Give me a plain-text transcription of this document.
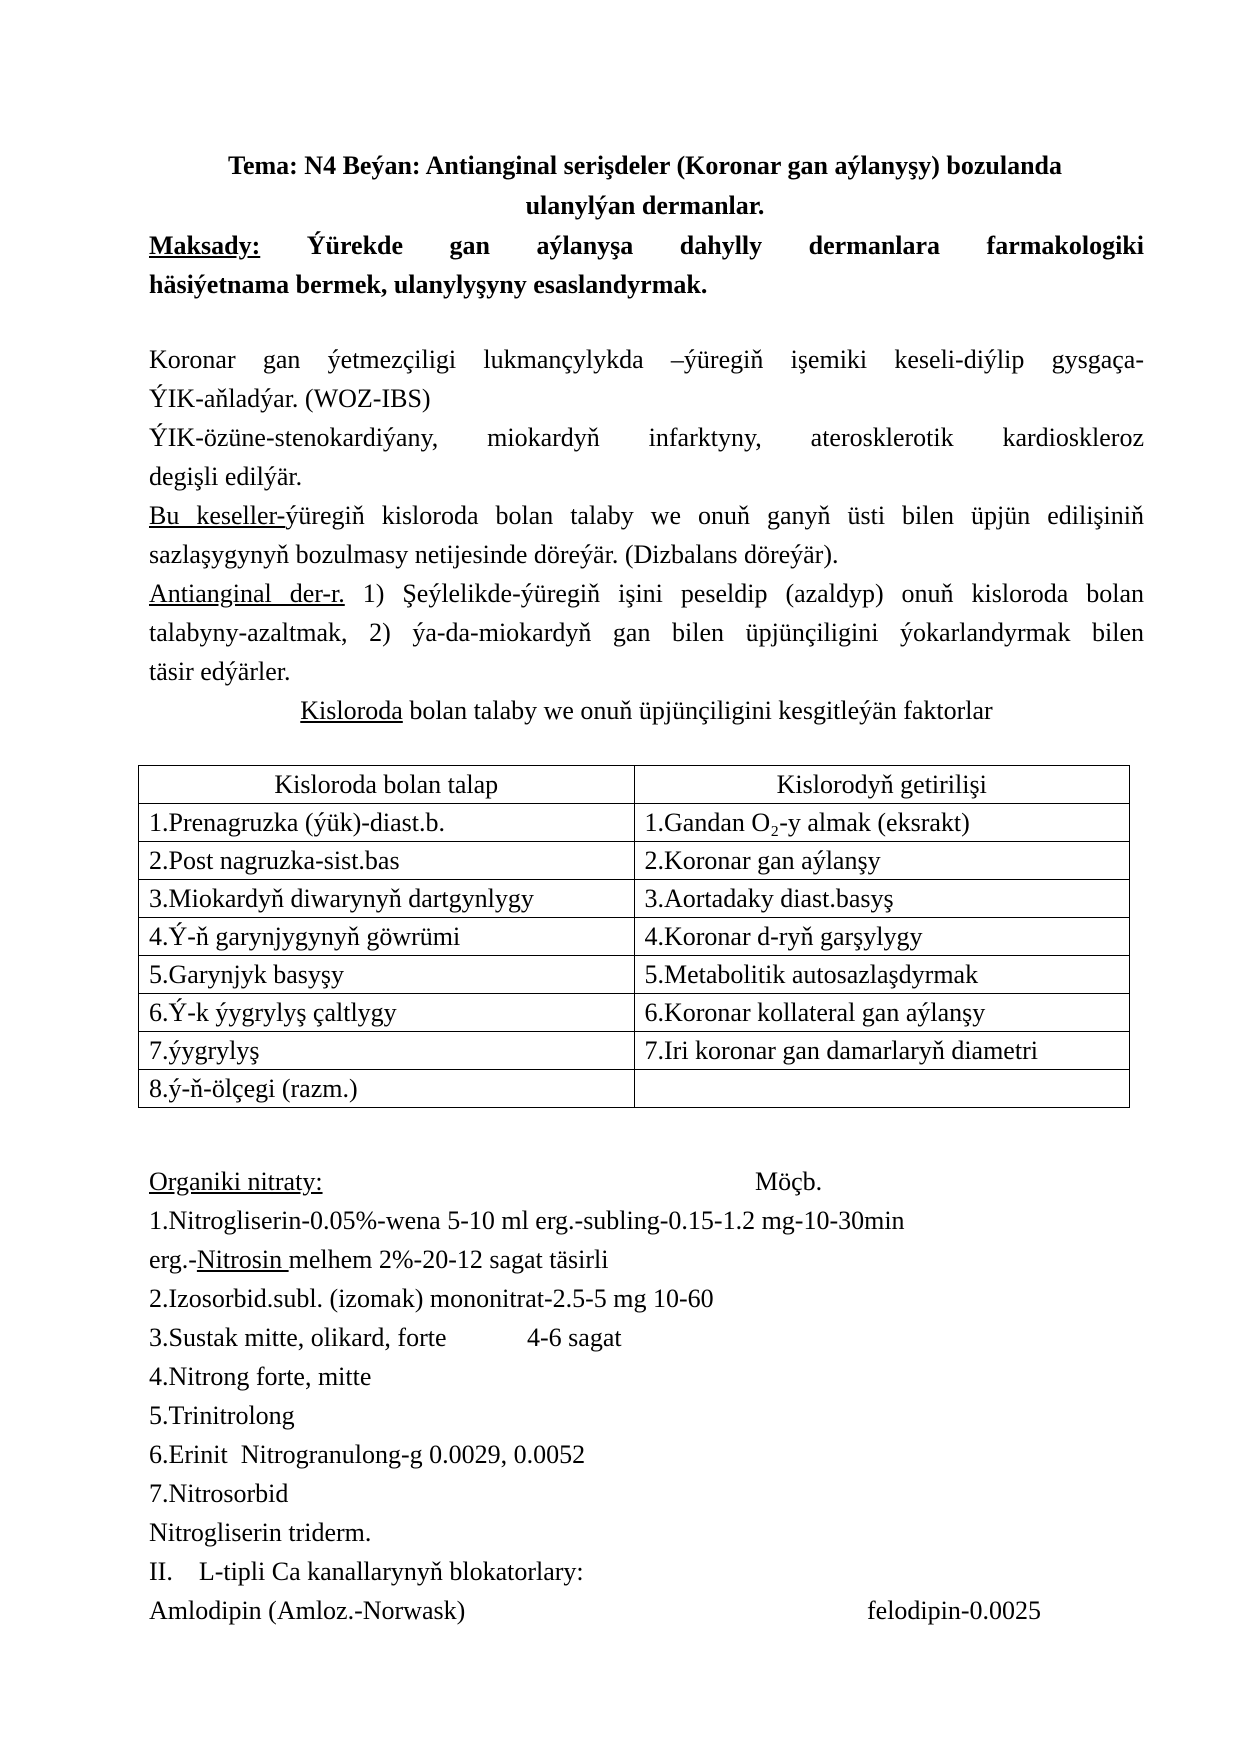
Tema: N4 Beýan: Antianginal serişdeler (Koronar gan aýlanyşy) bozulanda
ulanylýan dermanlar.
Maksady: Ýürekde gan aýlanyşa dahylly dermanlara farmakologiki
häsiýetnama bermek, ulanylyşyny esaslandyrmak.
Koronar gan ýetmezçiligi lukmançylykda –ýüregiň işemiki keseli-diýlip gysgaça-
ÝIK-aňladýar. (WOZ-IBS)
ÝIK-özüne-stenokardiýany, miokardyň infarktyny, aterosklerotik kardioskleroz
degişli edilýär.
Bu keseller-ýüregiň kisloroda bolan talaby we onuň ganyň üsti bilen üpjün edilişiniň
sazlaşygynyň bozulmasy netijesinde döreýär. (Dizbalans döreýär).
Antianginal der-r. 1) Şeýlelikde-ýüregiň işini peseldip (azaldyp) onuň kisloroda bolan
talabyny-azaltmak, 2) ýa-da-miokardyň gan bilen üpjünçiligini ýokarlandyrmak bilen
täsir edýärler.
Kisloroda bolan talaby we onuň üpjünçiligini kesgitleýän faktorlar
Kisloroda bolan talap	Kislorodyň getirilişi
1.Prenagruzka (ýük)-diast.b.	1.Gandan O₂-y almak (eksrakt)
2.Post nagruzka-sist.bas	2.Koronar gan aýlanşy
3.Miokardyň diwarynyň dartgynlygy	3.Aortadaky diast.basyş
4.Ý-ň garynjygynyň göwrümi	4.Koronar d-ryň garşylygy
5.Garynjyk basyşy	5.Metabolitik autosazlaşdyrmak
6.Ý-k ýygrylyş çaltlygy	6.Koronar kollateral gan aýlanşy
7.ýygrylyş	7.Iri koronar gan damarlaryň diametri
8.ý-ň-ölçegi (razm.)	
Organiki nitraty:	Möçb.
1.Nitrogliserin-0.05%-wena 5-10 ml erg.-subling-0.15-1.2 mg-10-30min
erg.-Nitrosin melhem 2%-20-12 sagat täsirli
2.Izosorbid.subl. (izomak) mononitrat-2.5-5 mg 10-60
3.Sustak mitte, olikard, forte	4-6 sagat
4.Nitrong forte, mitte
5.Trinitrolong
6.Erinit  Nitrogranulong-g 0.0029, 0.0052
7.Nitrosorbid
Nitrogliserin triderm.
II.    L-tipli Ca kanallarynyň blokatorlary:
Amlodipin (Amloz.-Norwask)	felodipin-0.0025
